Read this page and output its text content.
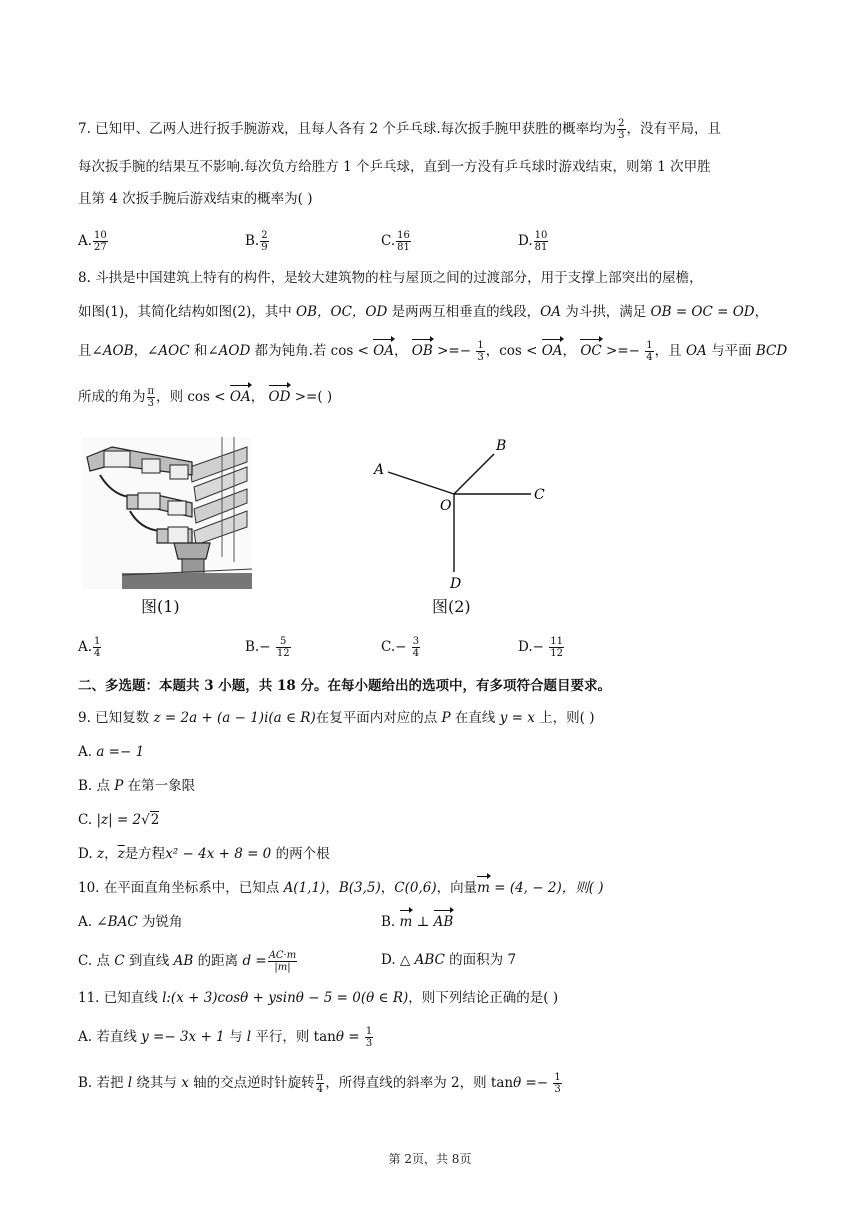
7. 已知甲、乙两人进行扳手腕游戏，且每人各有 2 个乒乓球.每次扳手腕甲获胜的概率均为 $\frac{2}{3}$ ，没有平局，且
每次扳手腕的结果互不影响.每次负方给胜方 1 个乒乓球，直到一方没有乒乓球时游戏结束，则第 1 次甲胜
且第 4 次扳手腕后游戏结束的概率为( )
A. $\frac{10}{27}$	B. $\frac{2}{9}$	C. $\frac{16}{81}$	D. $\frac{10}{81}$
8. 斗拱是中国建筑上特有的构件，是较大建筑物的柱与屋顶之间的过渡部分，用于支撑上部突出的屋檐，
如图(1)，其简化结构如图(2)，其中 OB，OC，OD 是两两互相垂直的线段，OA 为斗拱，满足 OB = OC = OD，
且∠AOB，∠AOC 和∠AOD 都为钝角.若 cos < OA， OB >=− $\frac{1}{3}$ ，cos < OA， OC >=− $\frac{1}{4}$ ，且 OA 与平面 BCD
所成的角为 $\frac{\pi}{3}$ ，则 cos < OA， OD >=( )
图(1)
A
B
O
C
D
图(2)
A. $\frac{1}{4}$	$B.- \frac{5}{12}$	$C.- \frac{3}{4}$	$D.- \frac{11}{12}$
二、多选题：本题共 3 小题，共 18 分。在每小题给出的选项中，有多项符合题目要求。
9. 已知复数 z = 2a + (a − 1)i(a ∈ R)在复平面内对应的点 P 在直线 y = x 上，则( )
A. a =− 1
B. 点 P 在第一象限
C. |z| = 2√2
D. z，$\overline{z}$是方程x² − 4x + 8 = 0 的两个根
10. 在平面直角坐标系中，已知点 A(1,1)，B(3,5)，C(0,6)，向量m = (4, − 2)，则( )
A. ∠BAC 为锐角	B. m ⊥ AB
C. 点 C 到直线 AB 的距离 $d = \frac{AC\cdot m}{|m|}$	D. △ ABC 的面积为 7
11. 已知直线 l:(x + 3)cosθ + ysinθ − 5 = 0(θ ∈ R)，则下列结论正确的是( )
A. 若直线 y =− 3x + 1 与 l 平行，则 $\tan\theta = \frac{1}{3}$
B. 若把 l 绕其与 x 轴的交点逆时针旋转 $\frac{\pi}{4}$ ，所得直线的斜率为 2，则 $\tan\theta =- \frac{1}{3}$
第 2页，共 8页
